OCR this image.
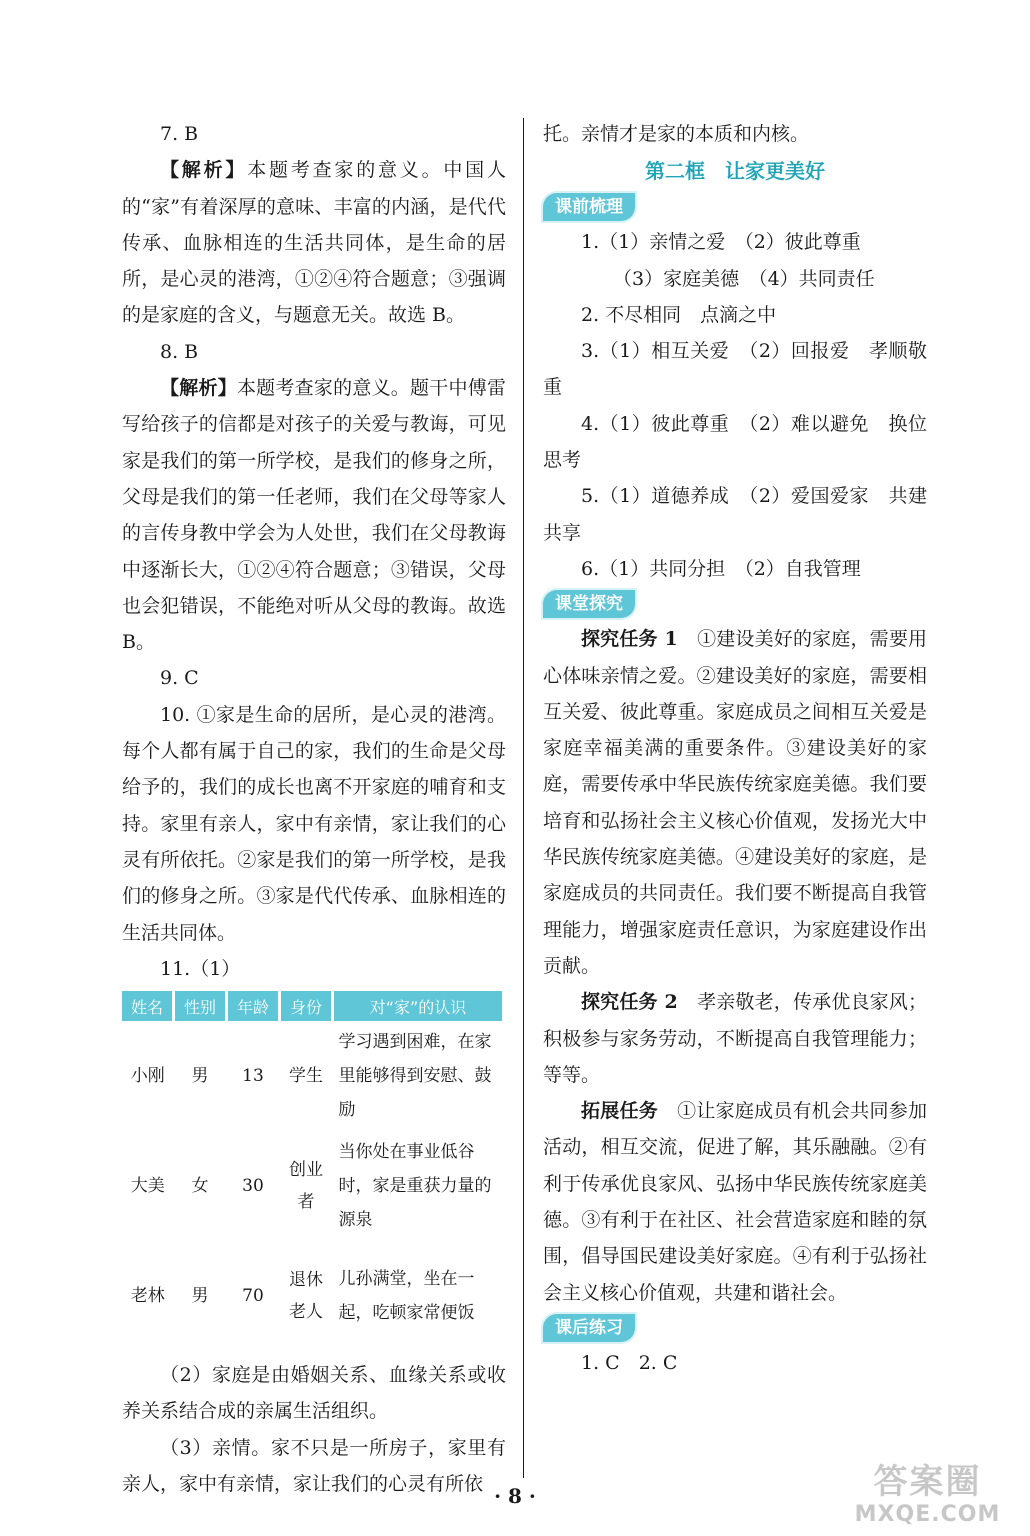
7. B

【解析】本题考查家的意义。中国人的“家”有着深厚的意味、丰富的内涵，是代代传承、血脉相连的生活共同体，是生命的居所，是心灵的港湾，①②④符合题意；③强调的是家庭的含义，与题意无关。故选 B。

8. B

【解析】本题考查家的意义。题干中傅雷写给孩子的信都是对孩子的关爱与教诲，可见家是我们的第一所学校，是我们的修身之所，父母是我们的第一任老师，我们在父母等家人的言传身教中学会为人处世，我们在父母教诲中逐渐长大，①②④符合题意；③错误，父母也会犯错误，不能绝对听从父母的教诲。故选 B。

9. C

10. ①家是生命的居所，是心灵的港湾。每个人都有属于自己的家，我们的生命是父母给予的，我们的成长也离不开家庭的哺育和支持。家里有亲人，家中有亲情，家让我们的心灵有所依托。②家是我们的第一所学校，是我们的修身之所。③家是代代传承、血脉相连的生活共同体。

11.（1）

姓名	性别	年龄	身份	对“家”的认识
小刚	男	13	学生	学习遇到困难，在家里能够得到安慰、鼓励
大美	女	30	创业者	当你处在事业低谷时，家是重获力量的源泉
老林	男	70	退休老人	儿孙满堂，坐在一起，吃顿家常便饭

（2）家庭是由婚姻关系、血缘关系或收养关系结合成的亲属生活组织。

（3）亲情。家不只是一所房子，家里有亲人，家中有亲情，家让我们的心灵有所依

托。亲情才是家的本质和内核。

第二框　让家更美好

课前梳理

1.（1）亲情之爱　（2）彼此尊重

（3）家庭美德　（4）共同责任

2. 不尽相同　点滴之中

3.（1）相互关爱　（2）回报爱　孝顺敬重

4.（1）彼此尊重　（2）难以避免　换位思考

5.（1）道德养成　（2）爱国爱家　共建共享

6.（1）共同分担　（2）自我管理

课堂探究

探究任务 1　 ①建设美好的家庭，需要用心体味亲情之爱。②建设美好的家庭，需要相互关爱、彼此尊重。家庭成员之间相互关爱是家庭幸福美满的重要条件。③建设美好的家庭，需要传承中华民族传统家庭美德。我们要培育和弘扬社会主义核心价值观，发扬光大中华民族传统家庭美德。④建设美好的家庭，是家庭成员的共同责任。我们要不断提高自我管理能力，增强家庭责任意识，为家庭建设作出贡献。

探究任务 2　 孝亲敬老，传承优良家风；积极参与家务劳动，不断提高自我管理能力；等等。

拓展任务　 ①让家庭成员有机会共同参加活动，相互交流，促进了解，其乐融融。②有利于传承优良家风、弘扬中华民族传统家庭美德。③有利于在社区、社会营造家庭和睦的氛围，倡导国民建设美好家庭。④有利于弘扬社会主义核心价值观，共建和谐社会。

课后练习

1. C　2. C

· 8 ·	答案圈
MXQE.COM
